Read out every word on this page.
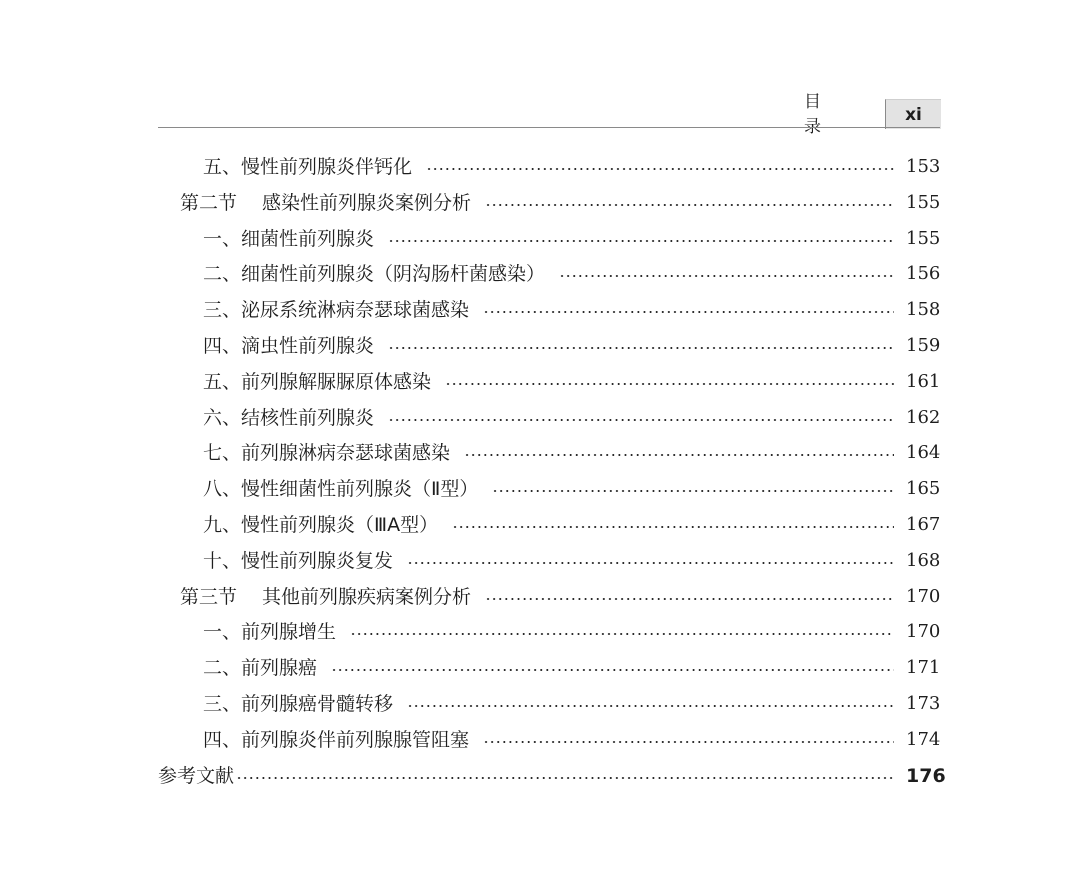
目　　录
xi
五、慢性前列腺炎伴钙化	153
第二节 感染性前列腺炎案例分析	155
一、细菌性前列腺炎	155
二、细菌性前列腺炎（阴沟肠杆菌感染）	156
三、泌尿系统淋病奈瑟球菌感染	158
四、滴虫性前列腺炎	159
五、前列腺解脲脲原体感染	161
六、结核性前列腺炎	162
七、前列腺淋病奈瑟球菌感染	164
八、慢性细菌性前列腺炎（Ⅱ型）	165
九、慢性前列腺炎（ⅢA型）	167
十、慢性前列腺炎复发	168
第三节 其他前列腺疾病案例分析	170
一、前列腺增生	170
二、前列腺癌	171
三、前列腺癌骨髓转移	173
四、前列腺炎伴前列腺腺管阻塞	174
参考文献	176
